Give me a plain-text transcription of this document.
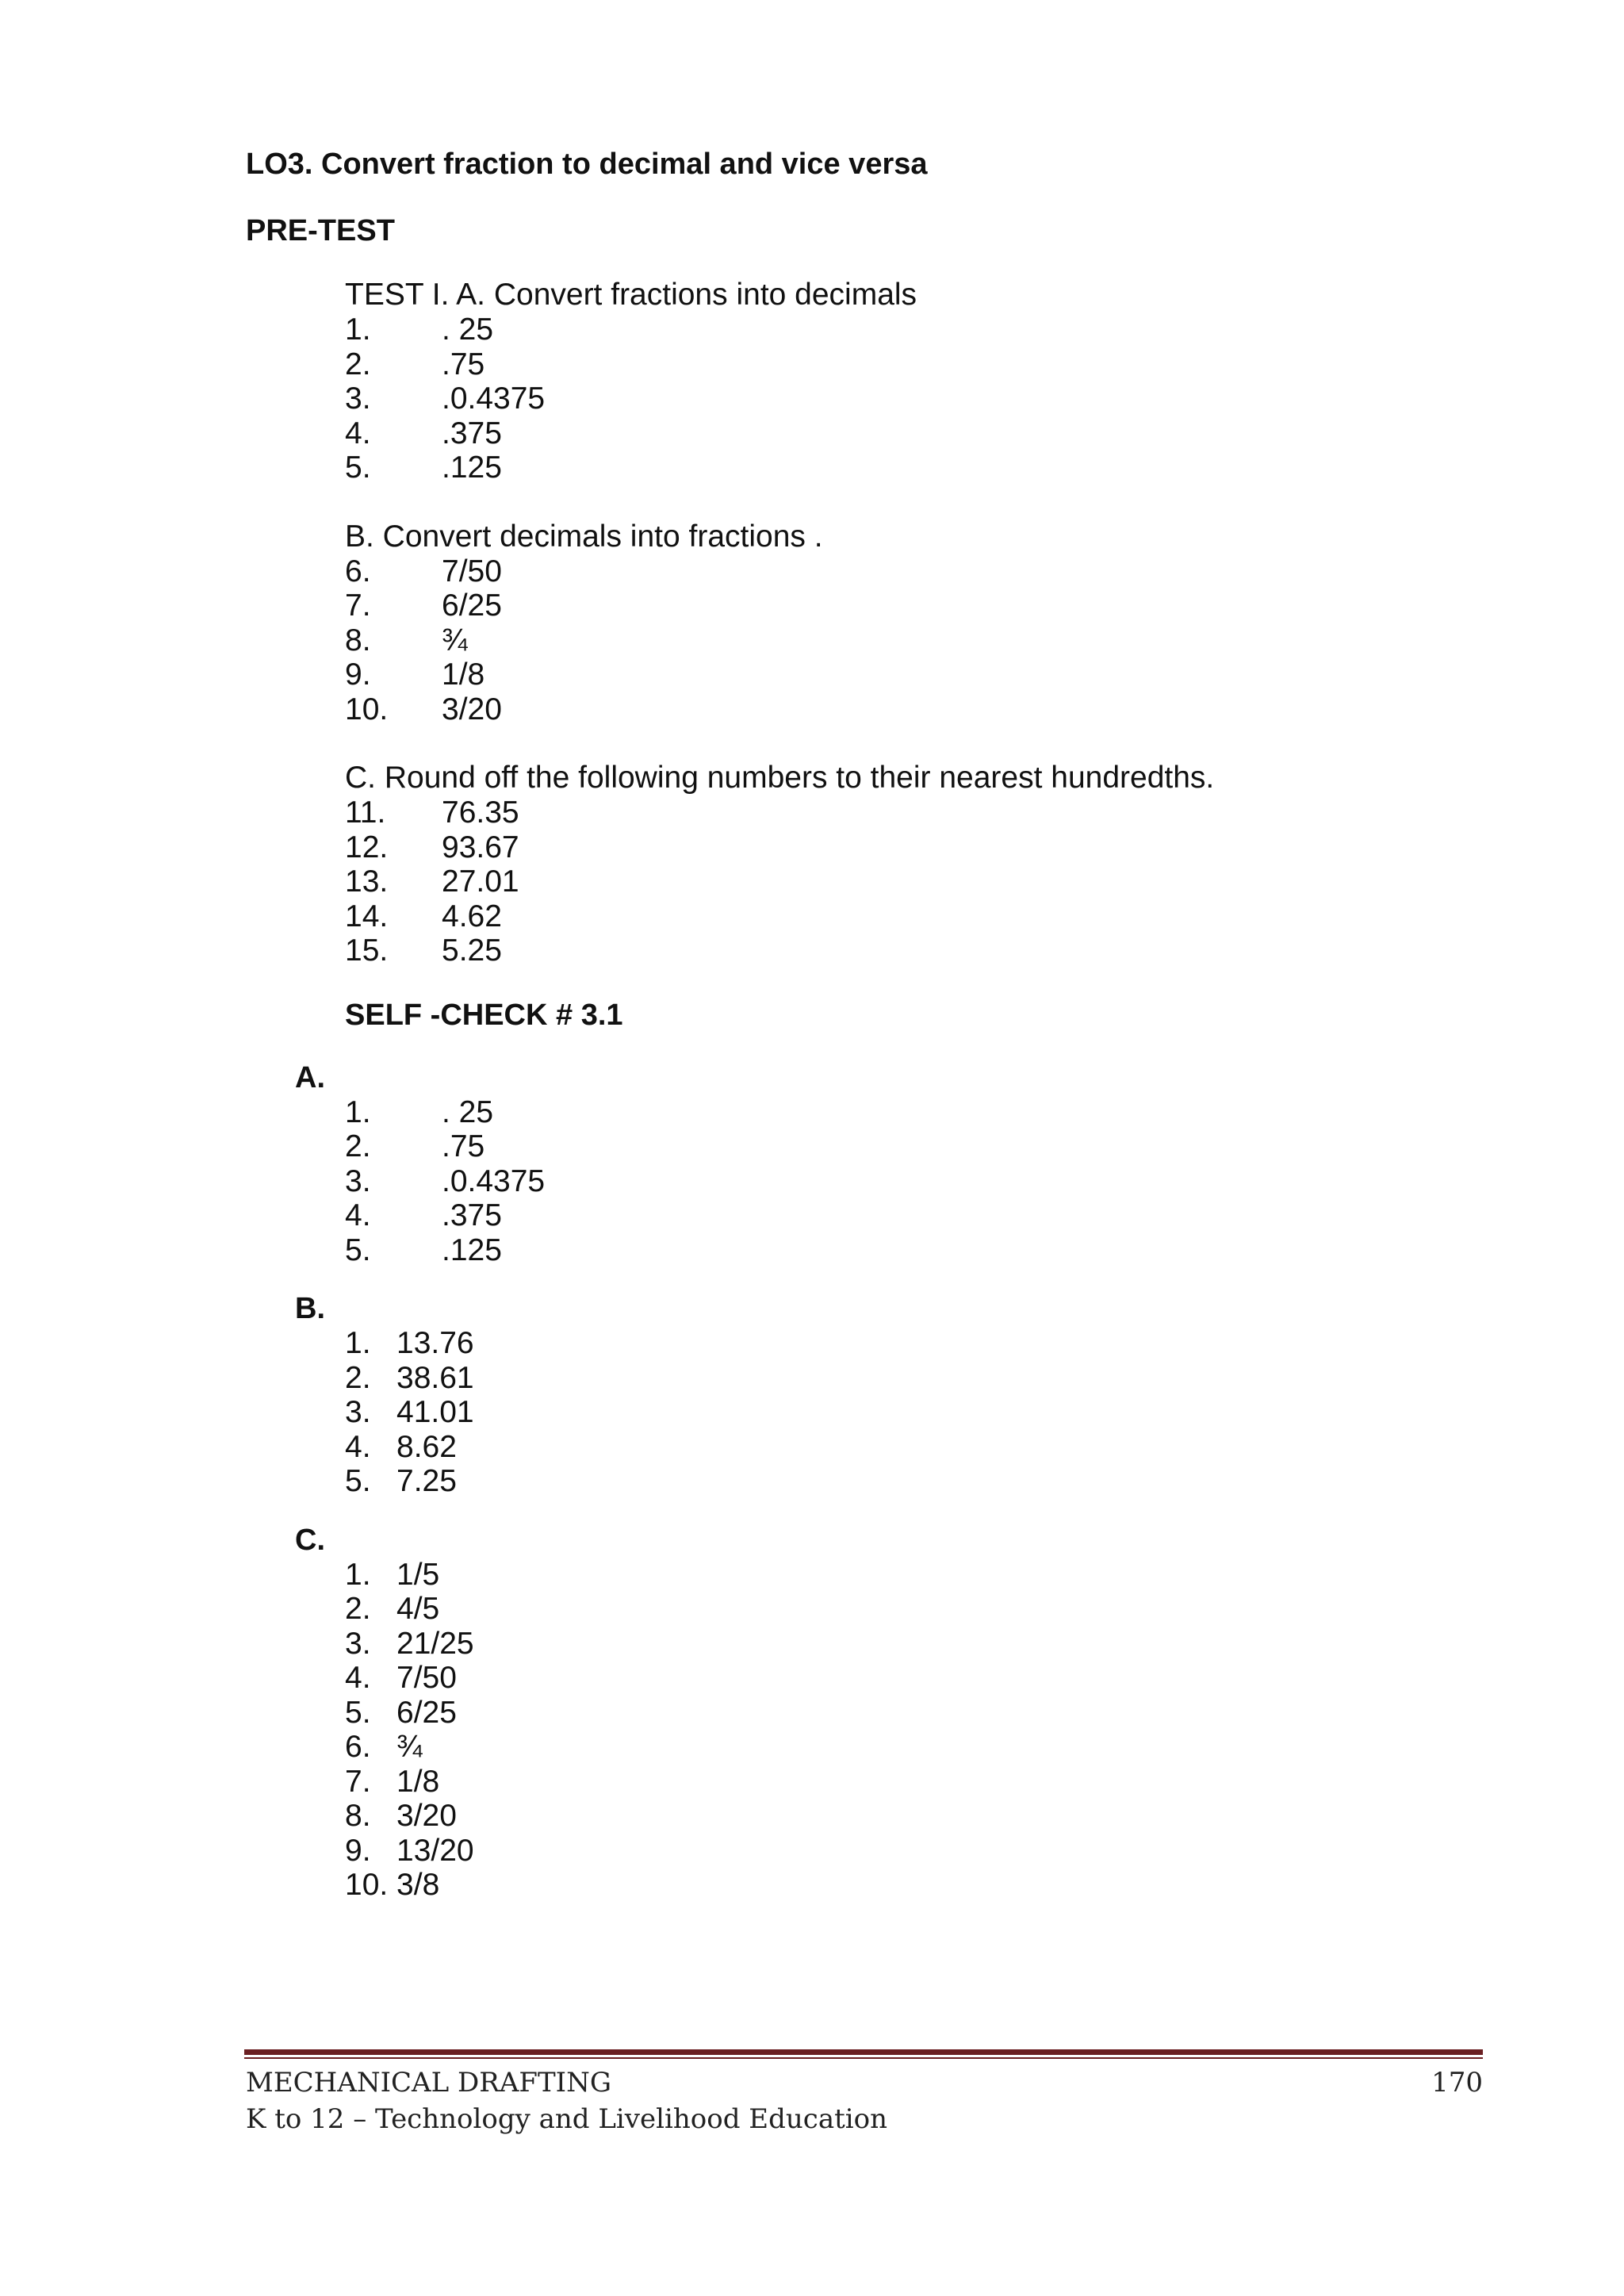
LO3. Convert fraction to decimal and vice versa

PRE-TEST

TEST I. A. Convert fractions into decimals

1.	. 25
2.	.75
3.	.0.4375
4.	.375
5.	.125

B. Convert decimals into fractions .

6.	7/50
7.	6/25
8.	¾
9.	1/8
10.	3/20

C. Round off the following numbers to their nearest hundredths.

11.	76.35
12.	93.67
13.	27.01
14.	4.62
15.	5.25

SELF -CHECK # 3.1

A.

1.	. 25
2.	.75
3.	.0.4375
4.	.375
5.	.125

B.

1.   13.76
2.   38.61
3.   41.01
4.   8.62
5.   7.25

C.

1.   1/5
2.   4/5
3.   21/25
4.   7/50
5.   6/25
6.   ¾
7.   1/8
8.   3/20
9.   13/20
10. 3/8
MECHANICAL DRAFTING	170
K to 12 – Technology and Livelihood Education
